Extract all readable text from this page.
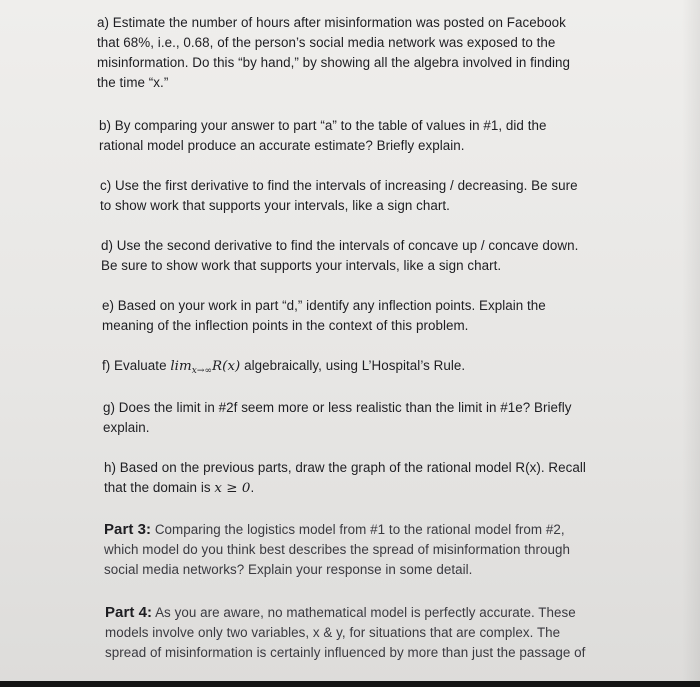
a) Estimate the number of hours after misinformation was posted on Facebook
that 68%, i.e., 0.68, of the person’s social media network was exposed to the
misinformation. Do this “by hand,” by showing all the algebra involved in finding
the time “x.”
b) By comparing your answer to part “a” to the table of values in #1, did the
rational model produce an accurate estimate? Briefly explain.
c) Use the first derivative to find the intervals of increasing / decreasing. Be sure
to show work that supports your intervals, like a sign chart.
d) Use the second derivative to find the intervals of concave up / concave down.
Be sure to show work that supports your intervals, like a sign chart.
e) Based on your work in part “d,” identify any inflection points. Explain the
meaning of the inflection points in the context of this problem.
f) Evaluate $\lim_{x\to\infty}R(x)$ algebraically, using L’Hospital’s Rule.
g) Does the limit in #2f seem more or less realistic than the limit in #1e? Briefly
explain.
h) Based on the previous parts, draw the graph of the rational model R(x). Recall
that the domain is x ≥ 0.
Part 3: Comparing the logistics model from #1 to the rational model from #2,
which model do you think best describes the spread of misinformation through
social media networks? Explain your response in some detail.
Part 4: As you are aware, no mathematical model is perfectly accurate. These
models involve only two variables, x & y, for situations that are complex. The
spread of misinformation is certainly influenced by more than just the passage of
